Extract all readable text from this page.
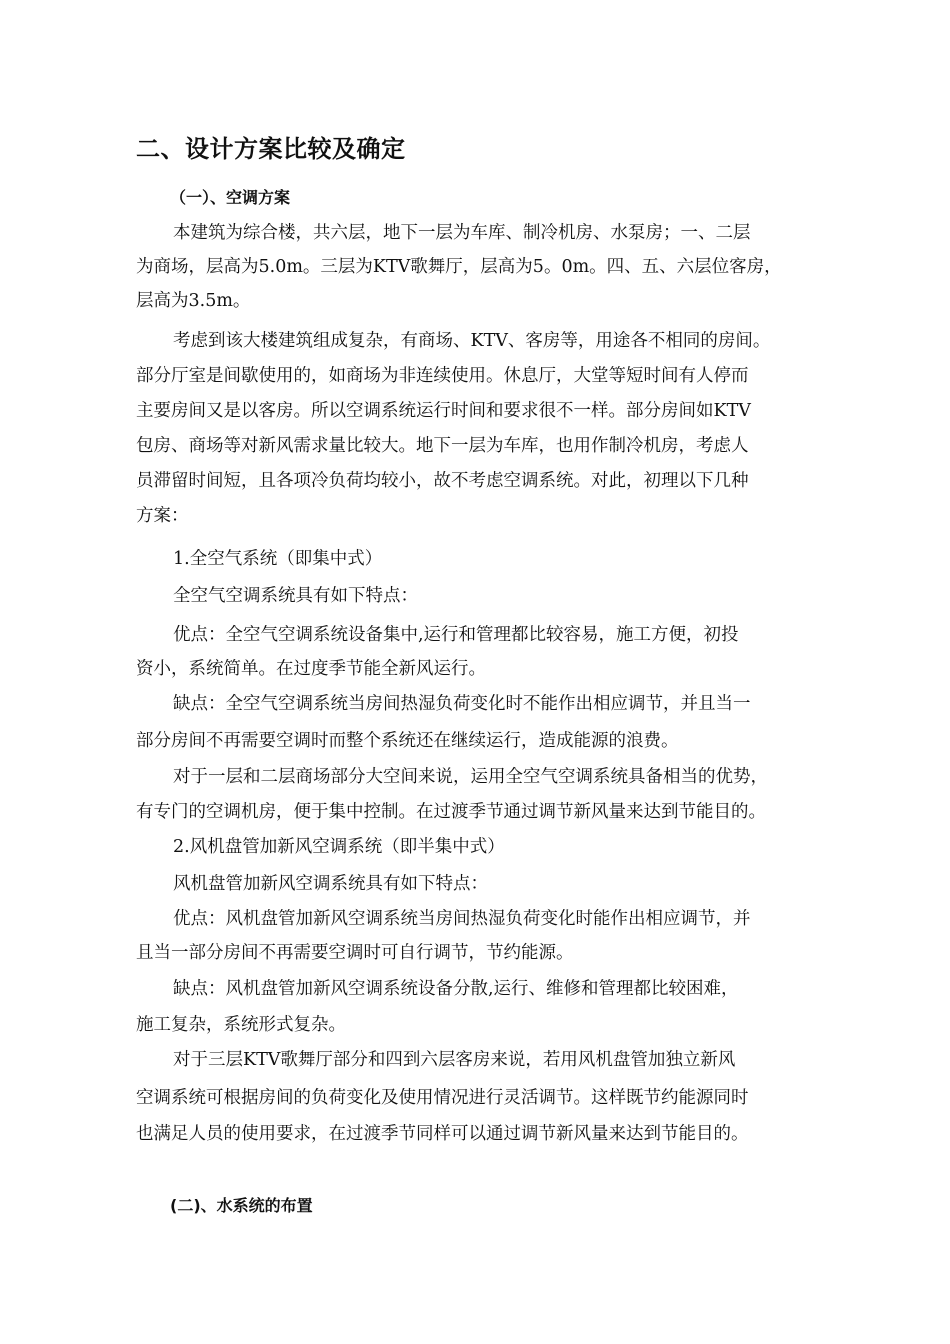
二、设计方案比较及确定
（一）、空调方案
本建筑为综合楼，共六层，地下一层为车库、制冷机房、水泵房；一、二层
为商场，层高为5.0m。三层为KTV歌舞厅，层高为5。0m。四、五、六层位客房，
层高为3.5m。
考虑到该大楼建筑组成复杂，有商场、KTV、客房等，用途各不相同的房间。
部分厅室是间歇使用的，如商场为非连续使用。休息厅，大堂等短时间有人停而
主要房间又是以客房。所以空调系统运行时间和要求很不一样。部分房间如KTV
包房、商场等对新风需求量比较大。地下一层为车库，也用作制冷机房，考虑人
员滞留时间短，且各项冷负荷均较小，故不考虑空调系统。对此，初理以下几种
方案：
1.全空气系统（即集中式）
全空气空调系统具有如下特点：
优点：全空气空调系统设备集中,运行和管理都比较容易，施工方便，初投
资小，系统简单。在过度季节能全新风运行。
缺点：全空气空调系统当房间热湿负荷变化时不能作出相应调节，并且当一
部分房间不再需要空调时而整个系统还在继续运行，造成能源的浪费。
对于一层和二层商场部分大空间来说，运用全空气空调系统具备相当的优势，
有专门的空调机房，便于集中控制。在过渡季节通过调节新风量来达到节能目的。
2.风机盘管加新风空调系统（即半集中式）
风机盘管加新风空调系统具有如下特点：
优点：风机盘管加新风空调系统当房间热湿负荷变化时能作出相应调节，并
且当一部分房间不再需要空调时可自行调节，节约能源。
缺点：风机盘管加新风空调系统设备分散,运行、维修和管理都比较困难，
施工复杂，系统形式复杂。
对于三层KTV歌舞厅部分和四到六层客房来说，若用风机盘管加独立新风
空调系统可根据房间的负荷变化及使用情况进行灵活调节。这样既节约能源同时
也满足人员的使用要求，在过渡季节同样可以通过调节新风量来达到节能目的。
(二)、水系统的布置
